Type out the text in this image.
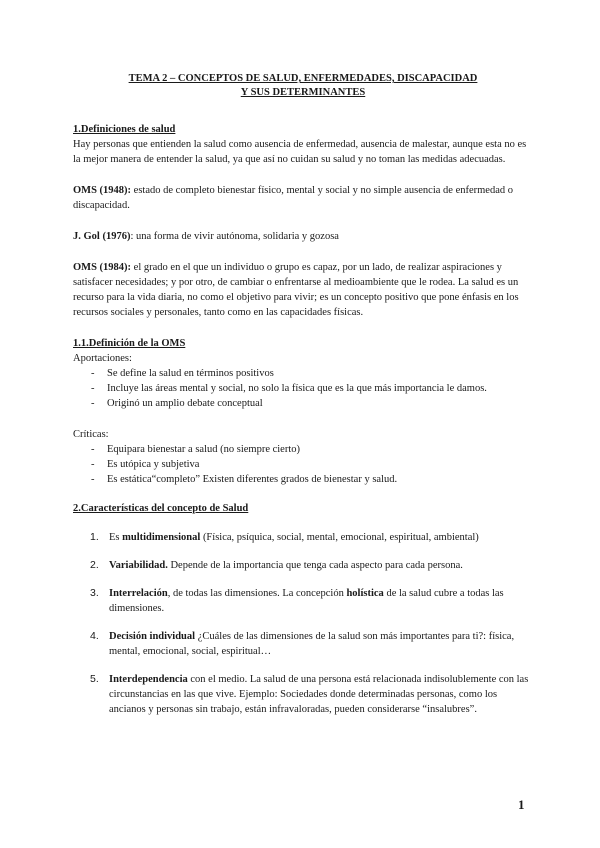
TEMA 2 – CONCEPTOS DE SALUD, ENFERMEDADES, DISCAPACIDAD

Y SUS DETERMINANTES

1.Definiciones de salud

Hay personas que entienden la salud como ausencia de enfermedad, ausencia de malestar, aunque esta no es la mejor manera de entender la salud, ya que así no cuidan su salud y no toman las medidas adecuadas.

OMS (1948): estado de completo bienestar físico, mental y social y no simple ausencia de enfermedad o discapacidad.

J. Gol (1976): una forma de vivir autónoma, solidaria y gozosa

OMS (1984): el grado en el que un individuo o grupo es capaz, por un lado, de realizar aspiraciones y satisfacer necesidades; y por otro, de cambiar o enfrentarse al medioambiente que le rodea. La salud es un recurso para la vida diaria, no como el objetivo para vivir; es un concepto positivo que pone énfasis en los recursos sociales y personales, tanto como en las capacidades físicas.

1.1.Definición de la OMS

Aportaciones:

- Se define la salud en términos positivos
- Incluye las áreas mental y social, no solo la física que es la que más importancia le damos.
- Originó un amplio debate conceptual

Críticas:

- Equipara bienestar a salud (no siempre cierto)
- Es utópica y subjetiva
- Es estática“completo” Existen diferentes grados de bienestar y salud.

2.Características del concepto de Salud

1. Es multidimensional (Física, psíquica, social, mental, emocional, espiritual, ambiental)
2. Variabilidad. Depende de la importancia que tenga cada aspecto para cada persona.
3. Interrelación, de todas las dimensiones. La concepción holística de la salud cubre a todas las dimensiones.
4. Decisión individual ¿Cuáles de las dimensiones de la salud son más importantes para ti?: física, mental, emocional, social, espiritual…
5. Interdependencia con el medio. La salud de una persona está relacionada indisolublemente con las circunstancias en las que vive. Ejemplo: Sociedades donde determinadas personas, como los ancianos y personas sin trabajo, están infravaloradas, pueden considerarse “insalubres”.
1
